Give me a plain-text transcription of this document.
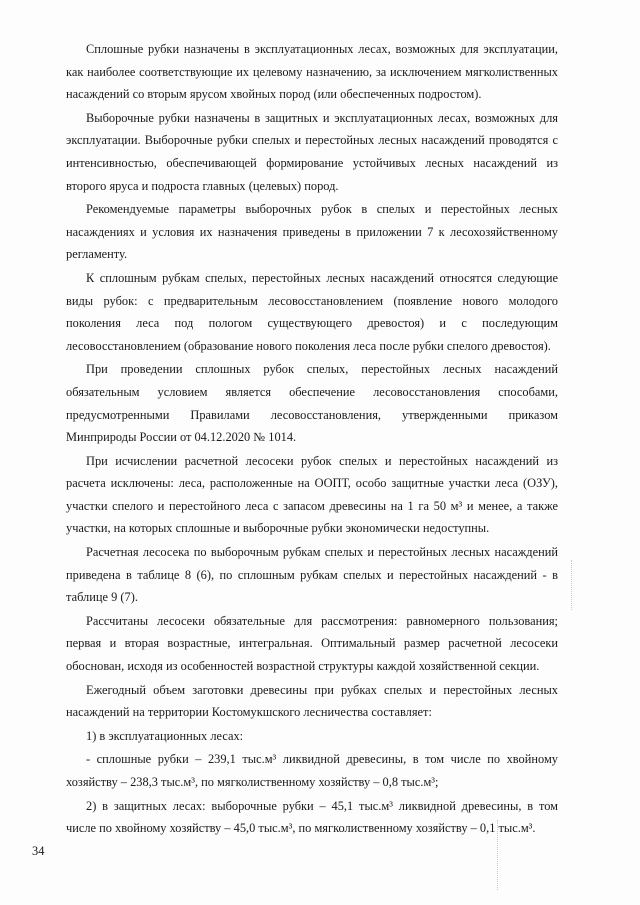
Сплошные рубки назначены в эксплуатационных лесах, возможных для эксплуатации, как наиболее соответствующие их целевому назначению, за исключением мягколиственных насаждений со вторым ярусом хвойных пород (или обеспеченных подростом).

Выборочные рубки назначены в защитных и эксплуатационных лесах, возможных для эксплуатации. Выборочные рубки спелых и перестойных лесных насаждений проводятся с интенсивностью, обеспечивающей формирование устойчивых лесных насаждений из второго яруса и подроста главных (целевых) пород.

Рекомендуемые параметры выборочных рубок в спелых и перестойных лесных насаждениях и условия их назначения приведены в приложении 7 к лесохозяйственному регламенту.

К сплошным рубкам спелых, перестойных лесных насаждений относятся следующие виды рубок: с предварительным лесовосстановлением (появление нового молодого поколения леса под пологом существующего древостоя) и с последующим лесовосстановлением (образование нового поколения леса после рубки спелого древостоя).

При проведении сплошных рубок спелых, перестойных лесных насаждений обязательным условием является обеспечение лесовосстановления способами, предусмотренными Правилами лесовосстановления, утвержденными приказом Минприроды России от 04.12.2020 № 1014.

При исчислении расчетной лесосеки рубок спелых и перестойных насаждений из расчета исключены: леса, расположенные на ООПТ, особо защитные участки леса (ОЗУ), участки спелого и перестойного леса с запасом древесины на 1 га 50 м³ и менее, а также участки, на которых сплошные и выборочные рубки экономически недоступны.

Расчетная лесосека по выборочным рубкам спелых и перестойных лесных насаждений приведена в таблице 8 (6), по сплошным рубкам спелых и перестойных насаждений - в таблице 9 (7).

Рассчитаны лесосеки обязательные для рассмотрения: равномерного пользования; первая и вторая возрастные, интегральная. Оптимальный размер расчетной лесосеки обоснован, исходя из особенностей возрастной структуры каждой хозяйственной секции.

Ежегодный объем заготовки древесины при рубках спелых и перестойных лесных насаждений на территории Костомукшского лесничества составляет:

1) в эксплуатационных лесах:

- сплошные рубки – 239,1 тыс.м³ ликвидной древесины, в том числе по хвойному хозяйству – 238,3 тыс.м³, по мягколиственному хозяйству – 0,8 тыс.м³;

2) в защитных лесах: выборочные рубки – 45,1 тыс.м³ ликвидной древесины, в том числе по хвойному хозяйству – 45,0 тыс.м³, по мягколиственному хозяйству – 0,1 тыс.м³.

34
